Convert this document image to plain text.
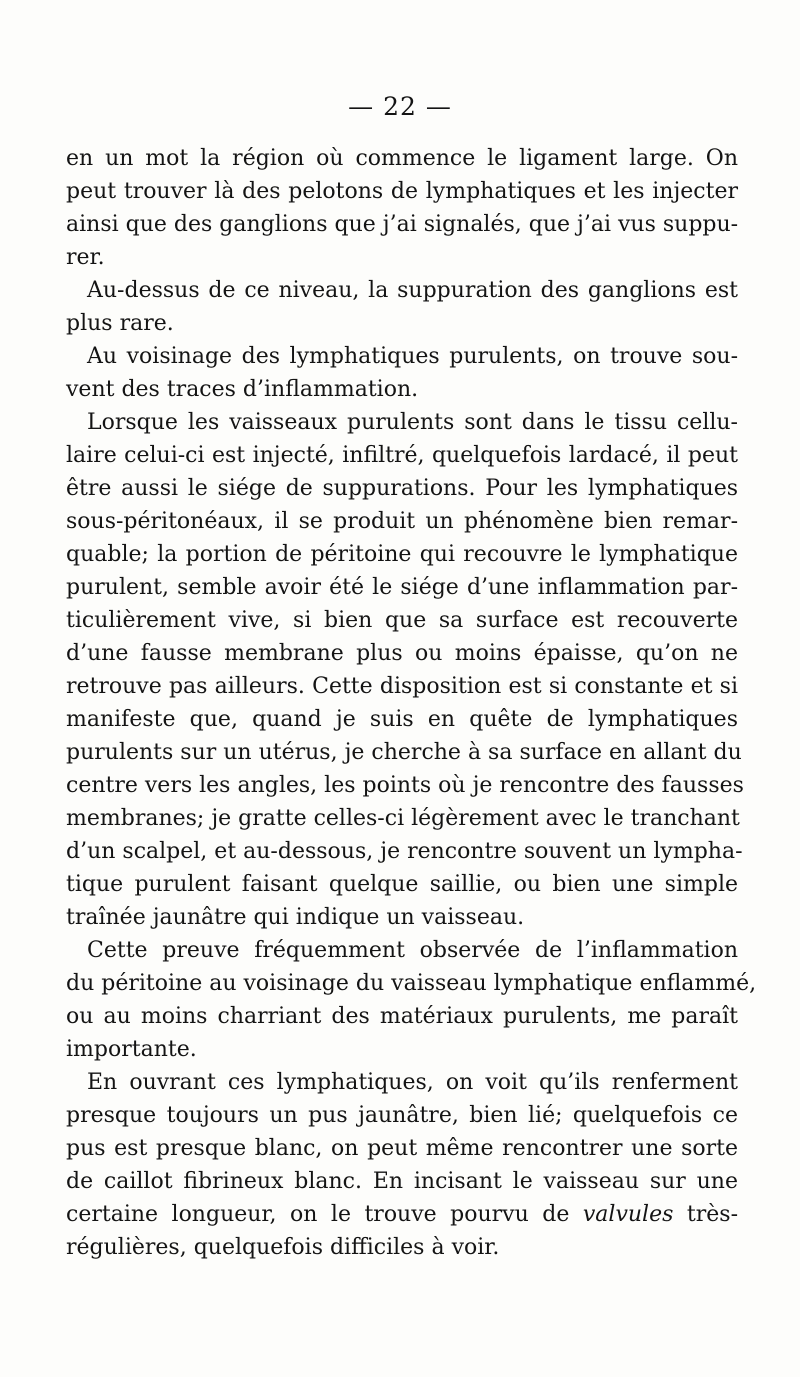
— 22 —
en un mot la région où commence le ligament large. On
peut trouver là des pelotons de lymphatiques et les injecter
ainsi que des ganglions que j’ai signalés, que j’ai vus suppu-
rer.
Au-dessus de ce niveau, la suppuration des ganglions est
plus rare.
Au voisinage des lymphatiques purulents, on trouve sou-
vent des traces d’inflammation.
Lorsque les vaisseaux purulents sont dans le tissu cellu-
laire celui-ci est injecté, infiltré, quelquefois lardacé, il peut
être aussi le siége de suppurations. Pour les lymphatiques
sous-péritonéaux, il se produit un phénomène bien remar-
quable; la portion de péritoine qui recouvre le lymphatique
purulent, semble avoir été le siége d’une inflammation par-
ticulièrement vive, si bien que sa surface est recouverte
d’une fausse membrane plus ou moins épaisse, qu’on ne
retrouve pas ailleurs. Cette disposition est si constante et si
manifeste que, quand je suis en quête de lymphatiques
purulents sur un utérus, je cherche à sa surface en allant du
centre vers les angles, les points où je rencontre des fausses
membranes; je gratte celles-ci légèrement avec le tranchant
d’un scalpel, et au-dessous, je rencontre souvent un lympha-
tique purulent faisant quelque saillie, ou bien une simple
traînée jaunâtre qui indique un vaisseau.
Cette preuve fréquemment observée de l’inflammation
du péritoine au voisinage du vaisseau lymphatique enflammé,
ou au moins charriant des matériaux purulents, me paraît
importante.
En ouvrant ces lymphatiques, on voit qu’ils renferment
presque toujours un pus jaunâtre, bien lié; quelquefois ce
pus est presque blanc, on peut même rencontrer une sorte
de caillot fibrineux blanc. En incisant le vaisseau sur une
certaine longueur, on le trouve pourvu de valvules très-
régulières, quelquefois difficiles à voir.
